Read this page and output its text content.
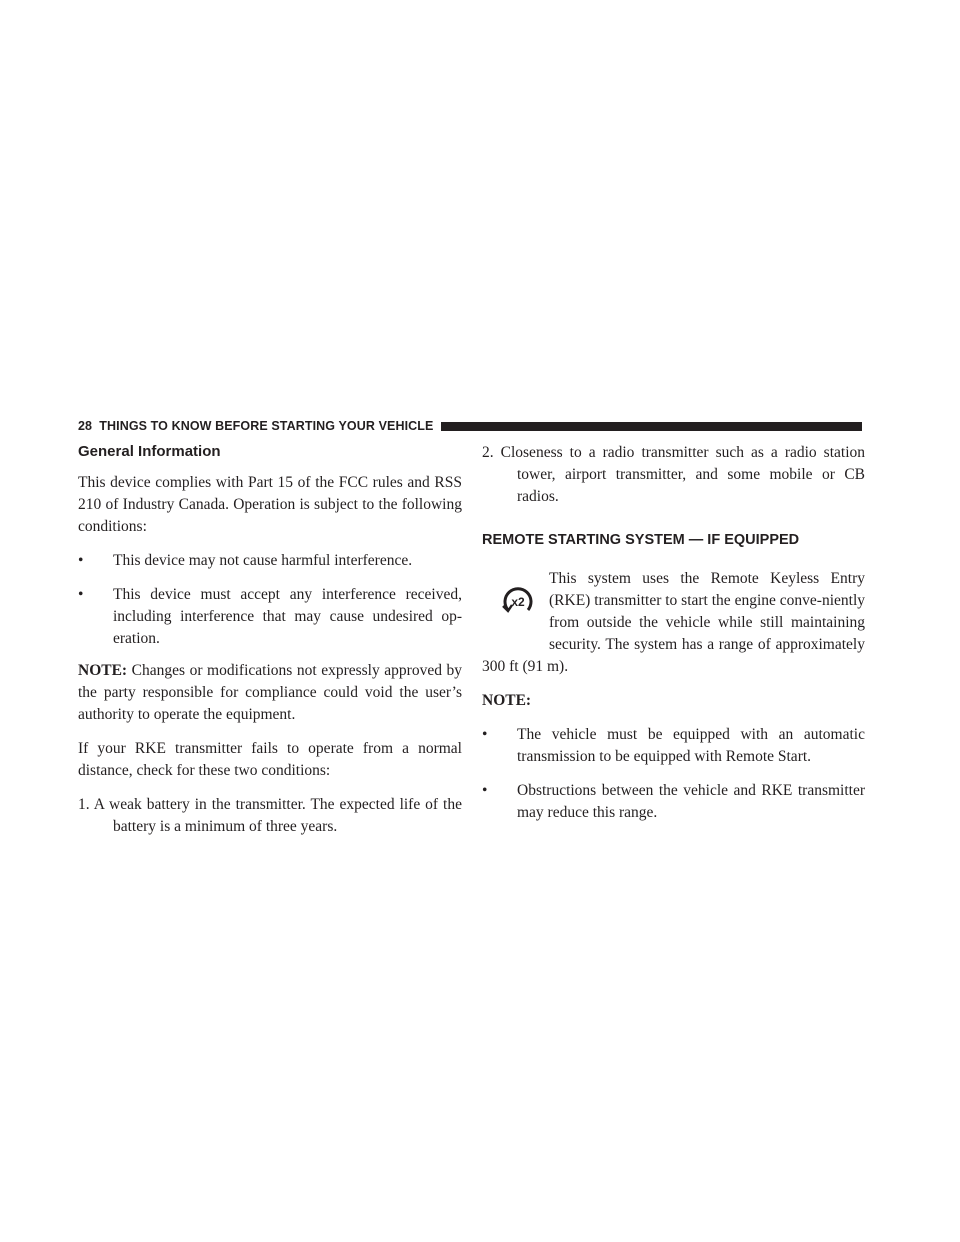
28 THINGS TO KNOW BEFORE STARTING YOUR VEHICLE
General Information

This device complies with Part 15 of the FCC rules and RSS 210 of Industry Canada. Operation is subject to the following conditions:

•	This device may not cause harmful interference.
•	This device must accept any interference received, including interference that may cause undesired op-eration.

NOTE: Changes or modifications not expressly approved by the party responsible for compliance could void the user’s authority to operate the equipment.

If your RKE transmitter fails to operate from a normal distance, check for these two conditions:

1. A weak battery in the transmitter. The expected life of the battery is a minimum of three years.
2. Closeness to a radio transmitter such as a radio station tower, airport transmitter, and some mobile or CB radios.
REMOTE STARTING SYSTEM — IF EQUIPPED
x2

This system uses the Remote Keyless Entry (RKE) transmitter to start the engine conve-niently from outside the vehicle while still maintaining security. The system has a range of approximately 300 ft (91 m).

NOTE:

•	The vehicle must be equipped with an automatic transmission to be equipped with Remote Start.
•	Obstructions between the vehicle and RKE transmitter may reduce this range.
